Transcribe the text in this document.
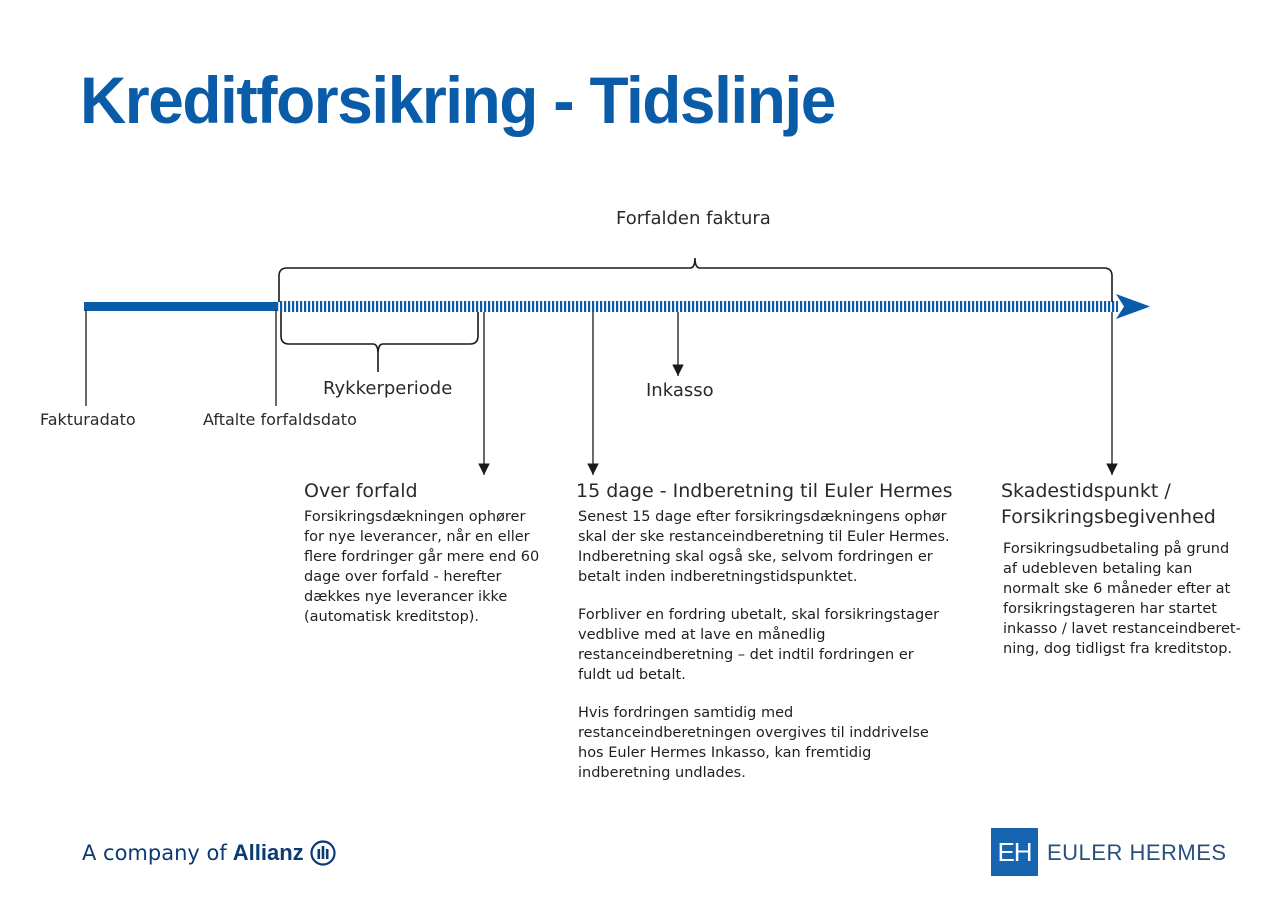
Kreditforsikring - Tidslinje
Forfalden faktura
Rykkerperiode	Inkasso
Fakturadato	Aftalte forfaldsdato
Over forfald

Forsikringsdækningen ophører for nye leverancer, når en eller flere fordringer går mere end 60 dage over forfald - herefter dækkes nye leverancer ikke (automatisk kreditstop).

15 dage - Indberetning til Euler Hermes

Senest 15 dage efter forsikringsdækningens ophør skal der ske restanceindberetning til Euler Hermes. Indberetning skal også ske, selvom fordringen er betalt inden indberetningstidspunktet.

Forbliver en fordring ubetalt, skal forsikringstager vedblive med at lave en månedlig restanceindberetning – det indtil fordringen er fuldt ud betalt.

Hvis fordringen samtidig med restanceindberetningen overgives til inddrivelse hos Euler Hermes Inkasso, kan fremtidig indberetning undlades.

Skadestidspunkt / Forsikringsbegivenhed

Forsikringsudbetaling på grund af udebleven betaling kan normalt ske 6 måneder efter at forsikringstageren har startet inkasso / lavet restanceindberet-ning, dog tidligst fra kreditstop.

A company of Allianz	EH EULER HERMES
